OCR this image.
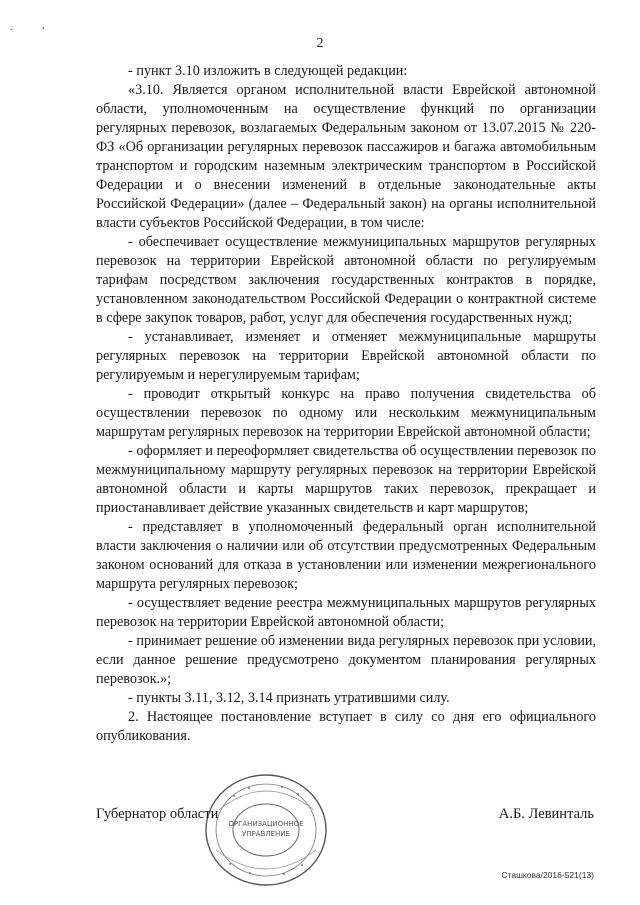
.	,
2

- пункт 3.10 изложить в следующей редакции:

«3.10. Является органом исполнительной власти Еврейской автономной области, уполномоченным на осуществление функций по организации регулярных перевозок, возлагаемых Федеральным законом от 13.07.2015 № 220-ФЗ «Об организации регулярных перевозок пассажиров и багажа автомобильным транспортом и городским наземным электрическим транспортом в Российской Федерации и о внесении изменений в отдельные законодательные акты Российской Федерации» (далее – Федеральный закон) на органы исполнительной власти субъектов Российской Федерации, в том числе:

- обеспечивает осуществление межмуниципальных маршрутов регулярных перевозок на территории Еврейской автономной области по регулируемым тарифам посредством заключения государственных контрактов в порядке, установленном законодательством Российской Федерации о контрактной системе в сфере закупок товаров, работ, услуг для обеспечения государственных нужд;

- устанавливает, изменяет и отменяет межмуниципальные маршруты регулярных перевозок на территории Еврейской автономной области по регулируемым и нерегулируемым тарифам;

- проводит открытый конкурс на право получения свидетельства об осуществлении перевозок по одному или нескольким межмуниципальным маршрутам регулярных перевозок на территории Еврейской автономной области;

- оформляет и переоформляет свидетельства об осуществлении перевозок по межмуниципальному маршруту регулярных перевозок на территории Еврейской автономной области и карты маршрутов таких перевозок, прекращает и приостанавливает действие указанных свидетельств и карт маршрутов;

- представляет в уполномоченный федеральный орган исполнительной власти заключения о наличии или об отсутствии предусмотренных Федеральным законом оснований для отказа в установлении или изменении межрегионального маршрута регулярных перевозок;

- осуществляет ведение реестра межмуниципальных маршрутов регулярных перевозок на территории Еврейской автономной области;

- принимает решение об изменении вида регулярных перевозок при условии, если данное решение предусмотрено документом планирования регулярных перевозок.»;

- пункты 3.11, 3.12, 3.14 признать утратившими силу.

2. Настоящее постановление вступает в силу со дня его официального опубликования.

ОРГАНИЗАЦИОННОЕ
УПРАВЛЕНИЕ
Губернатор области	А.Б. Левинталь
Сташкова/2016-521(13)
